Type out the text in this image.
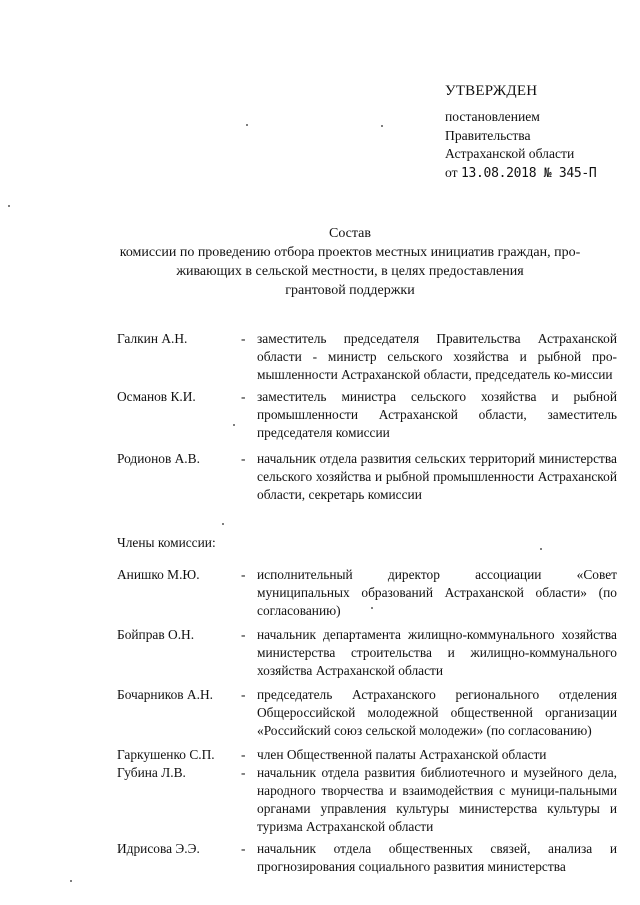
УТВЕРЖДЕН
постановлением
Правительства
Астраханской области
от 13.08.2018 № 345-П
Состав
комиссии по проведению отбора проектов местных инициатив граждан, про-
живающих в сельской местности, в целях предоставления
грантовой поддержки
Галкин А.Н.	- заместитель председателя Правительства Астраханской области - министр сельского хозяйства и рыбной про-мышленности Астраханской области, председатель ко-миссии
Османов К.И.	- заместитель министра сельского хозяйства и рыбной промышленности Астраханской области, заместитель председателя комиссии
Родионов А.В.	- начальник отдела развития сельских территорий министерства сельского хозяйства и рыбной промышленности Астраханской области, секретарь комиссии
Члены комиссии:
Анишко М.Ю.	- исполнительный директор ассоциации «Совет муниципальных образований Астраханской области» (по согласованию)
Бойправ О.Н.	- начальник департамента жилищно-коммунального хозяйства министерства строительства и жилищно-коммунального хозяйства Астраханской области
Бочарников А.Н. - председатель Астраханского регионального отделения Общероссийской молодежной общественной организации «Российский союз сельской молодежи» (по согласованию)
Гаркушенко С.П. - член Общественной палаты Астраханской области
Губина Л.В.	- начальник отдела развития библиотечного и музейного дела, народного творчества и взаимодействия с муници-пальными органами управления культуры министерства культуры и туризма Астраханской области
Идрисова Э.Э.	- начальник отдела общественных связей, анализа и прогнозирования социального развития министерства
